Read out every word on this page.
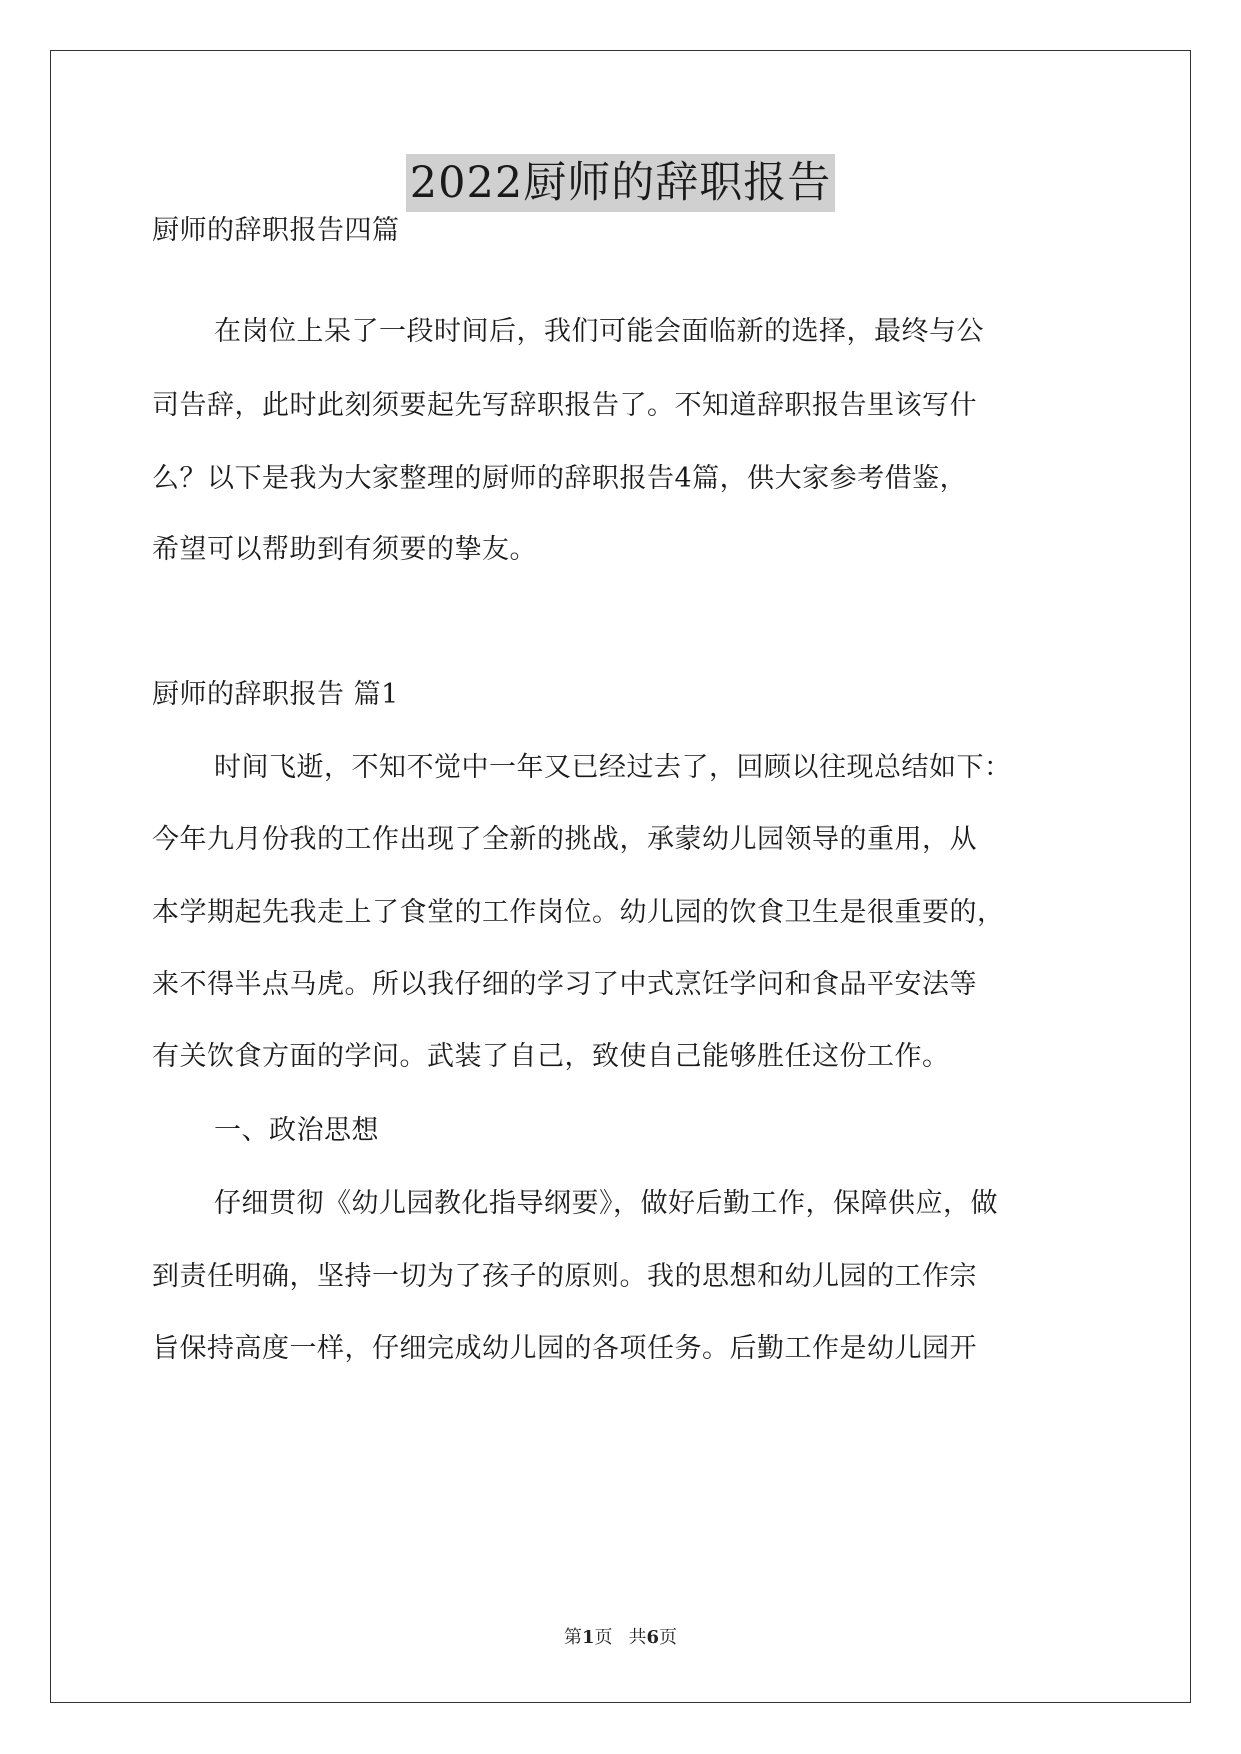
2022厨师的辞职报告
厨师的辞职报告四篇
在岗位上呆了一段时间后，我们可能会面临新的选择，最终与公
司告辞，此时此刻须要起先写辞职报告了。不知道辞职报告里该写什
么？以下是我为大家整理的厨师的辞职报告4篇，供大家参考借鉴，
希望可以帮助到有须要的挚友。
厨师的辞职报告 篇1
时间飞逝，不知不觉中一年又已经过去了，回顾以往现总结如下：
今年九月份我的工作出现了全新的挑战，承蒙幼儿园领导的重用，从
本学期起先我走上了食堂的工作岗位。幼儿园的饮食卫生是很重要的，
来不得半点马虎。所以我仔细的学习了中式烹饪学问和食品平安法等
有关饮食方面的学问。武装了自己，致使自己能够胜任这份工作。
一、政治思想
仔细贯彻《幼儿园教化指导纲要》，做好后勤工作，保障供应，做
到责任明确，坚持一切为了孩子的原则。我的思想和幼儿园的工作宗
旨保持高度一样，仔细完成幼儿园的各项任务。后勤工作是幼儿园开
第1页 共6页
